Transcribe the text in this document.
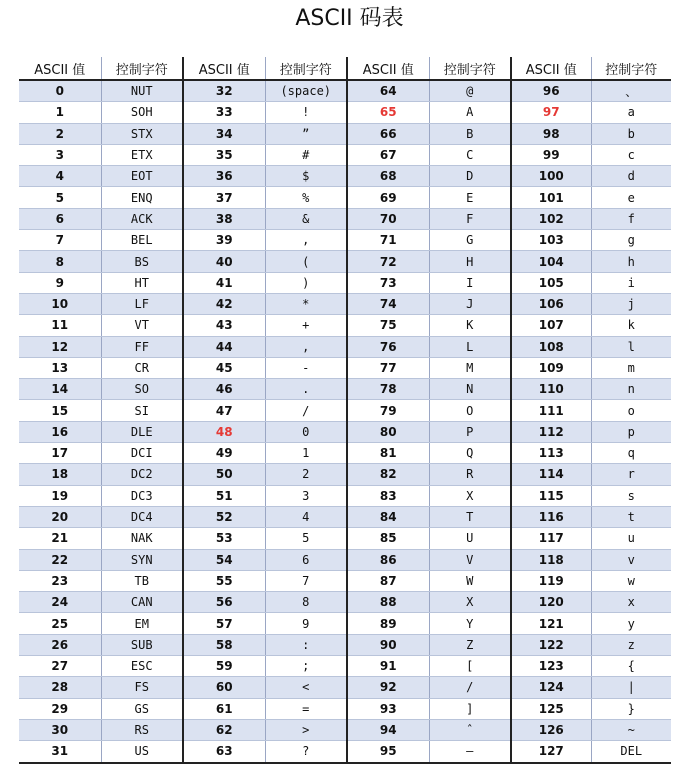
ASCII 码表
ASCII 值	控制字符	ASCII 值	控制字符	ASCII 值	控制字符	ASCII 值	控制字符
0	NUT	32	(space)	64	@	96	、
1	SOH	33	!	65	A	97	a
2	STX	34	”	66	B	98	b
3	ETX	35	#	67	C	99	c
4	EOT	36	$	68	D	100	d
5	ENQ	37	%	69	E	101	e
6	ACK	38	&	70	F	102	f
7	BEL	39	,	71	G	103	g
8	BS	40	(	72	H	104	h
9	HT	41	)	73	I	105	i
10	LF	42	*	74	J	106	j
11	VT	43	+	75	K	107	k
12	FF	44	,	76	L	108	l
13	CR	45	-	77	M	109	m
14	SO	46	.	78	N	110	n
15	SI	47	/	79	O	111	o
16	DLE	48	0	80	P	112	p
17	DCI	49	1	81	Q	113	q
18	DC2	50	2	82	R	114	r
19	DC3	51	3	83	X	115	s
20	DC4	52	4	84	T	116	t
21	NAK	53	5	85	U	117	u
22	SYN	54	6	86	V	118	v
23	TB	55	7	87	W	119	w
24	CAN	56	8	88	X	120	x
25	EM	57	9	89	Y	121	y
26	SUB	58	:	90	Z	122	z
27	ESC	59	;	91	[	123	{
28	FS	60	<	92	/	124	|
29	GS	61	=	93	]	125	}
30	RS	62	>	94	ˆ	126	~
31	US	63	?	95	—	127	DEL
